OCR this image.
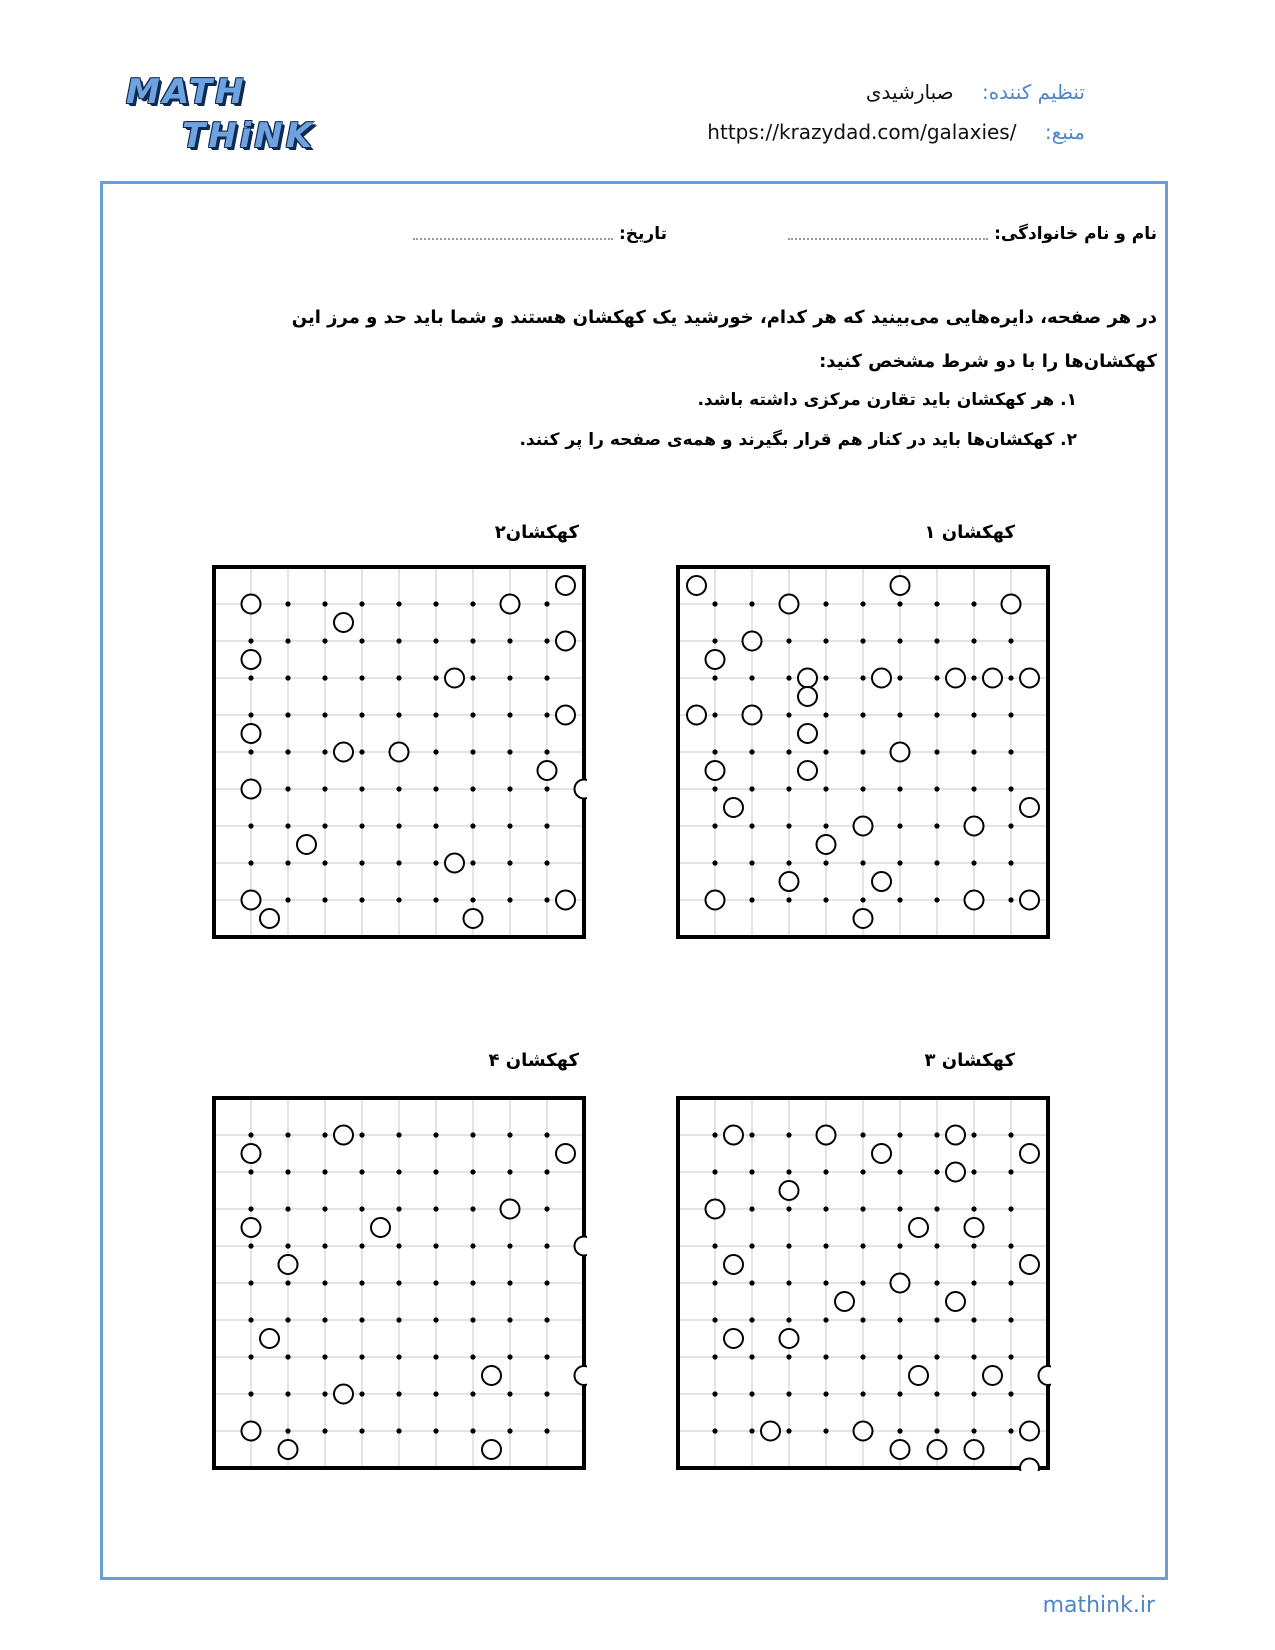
MATH
THiNK
تنظیم کننده: صبارشیدی
منبع: https://krazydad.com/galaxies/
نام و نام خانوادگی:
تاریخ:
در هر صفحه، دایره‌هایی می‌بینید که هر کدام، خورشید یک کهکشان هستند و شما باید حد و مرز این کهکشان‌ها را با دو شرط مشخص کنید:
۱. هر کهکشان باید تقارن مرکزی داشته باشد.
۲. کهکشان‌ها باید در کنار هم قرار بگیرند و همه‌ی صفحه را پر کنند.
کهکشان ۱
کهکشان۲
کهکشان ۳
کهکشان ۴
mathink.ir
